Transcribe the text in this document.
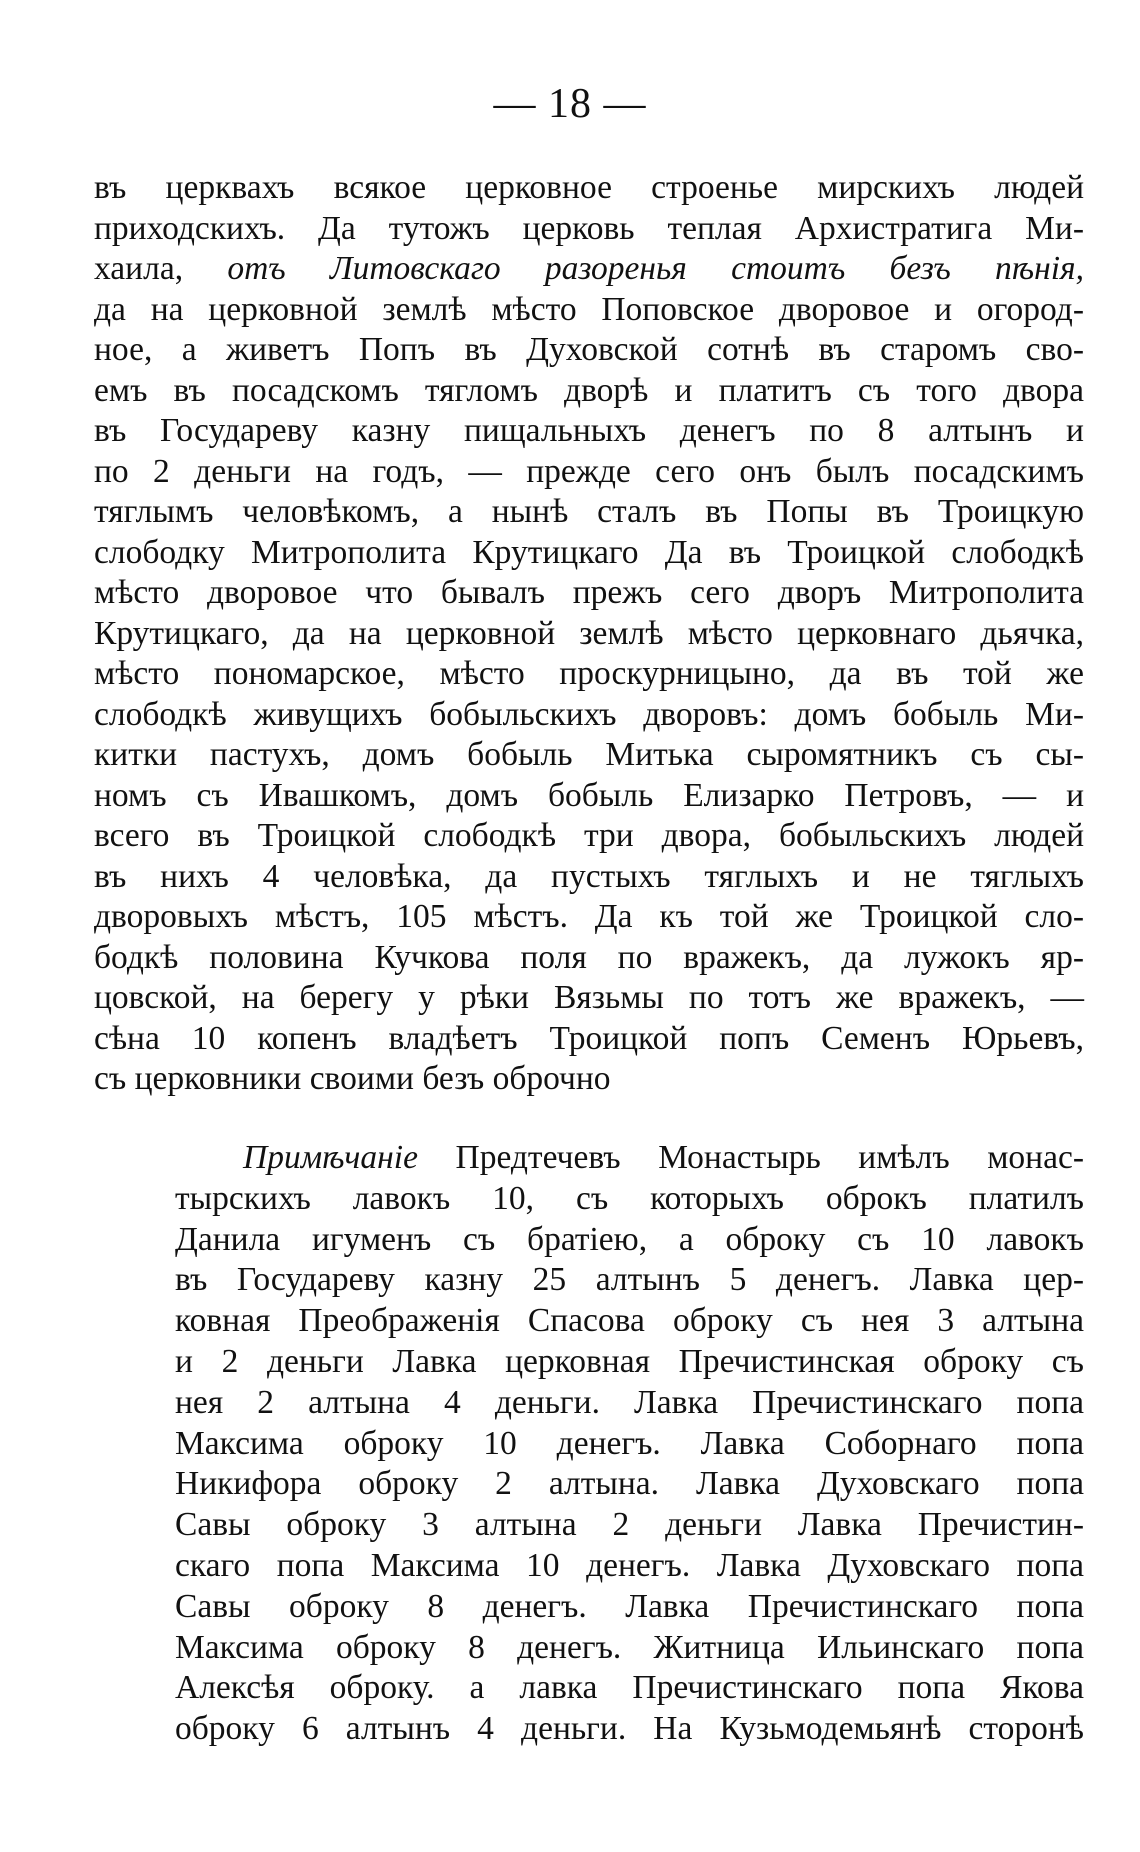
— 18 —
въ церквахъ всякое церковное строенье мирскихъ людей
приходскихъ. Да тутожъ церковь теплая Архистратига Ми-
хаила, отъ Литовскаго разоренья стоитъ безъ пѣнія,
да на церковной землѣ мѣсто Поповское дворовое и огород-
ное, а живетъ Попъ въ Духовской сотнѣ въ старомъ сво-
емъ въ посадскомъ тягломъ дворѣ и платитъ съ того двора
въ Государеву казну пищальныхъ денегъ по 8 алтынъ и
по 2 деньги на годъ, — прежде сего онъ былъ посадскимъ
тяглымъ человѣкомъ, а нынѣ сталъ въ Попы въ Троицкую
слободку Митрополита Крутицкаго Да въ Троицкой слободкѣ
мѣсто дворовое что бывалъ прежъ сего дворъ Митрополита
Крутицкаго, да на церковной землѣ мѣсто церковнаго дьячка,
мѣсто пономарское, мѣсто проскурницыно, да въ той же
слободкѣ живущихъ бобыльскихъ дворовъ: домъ бобыль Ми-
китки пастухъ, домъ бобыль Митька сыромятникъ съ сы-
номъ съ Ивашкомъ, домъ бобыль Елизарко Петровъ, — и
всего въ Троицкой слободкѣ три двора, бобыльскихъ людей
въ нихъ 4 человѣка, да пустыхъ тяглыхъ и не тяглыхъ
дворовыхъ мѣстъ, 105 мѣстъ. Да къ той же Троицкой сло-
бодкѣ половина Кучкова поля по вражекъ, да лужокъ яр-
цовской, на берегу у рѣки Вязьмы по тотъ же вражекъ, —
сѣна 10 копенъ владѣетъ Троицкой попъ Семенъ Юрьевъ,
съ церковники своими безъ оброчно
Примѣчаніе Предтечевъ Монастырь имѣлъ монас-
тырскихъ лавокъ 10, съ которыхъ оброкъ платилъ
Данила игуменъ съ братіею, а оброку съ 10 лавокъ
въ Государеву казну 25 алтынъ 5 денегъ. Лавка цер-
ковная Преображенія Спасова оброку съ нея 3 алтына
и 2 деньги Лавка церковная Пречистинская оброку съ
нея 2 алтына 4 деньги. Лавка Пречистинскаго попа
Максима оброку 10 денегъ. Лавка Соборнаго попа
Никифора оброку 2 алтына. Лавка Духовскаго попа
Савы оброку 3 алтына 2 деньги Лавка Пречистин-
скаго попа Максима 10 денегъ. Лавка Духовскаго попа
Савы оброку 8 денегъ. Лавка Пречистинскаго попа
Максима оброку 8 денегъ. Житница Ильинскаго попа
Алексѣя оброку. а лавка Пречистинскаго попа Якова
оброку 6 алтынъ 4 деньги. На Кузьмодемьянѣ сторонѣ
